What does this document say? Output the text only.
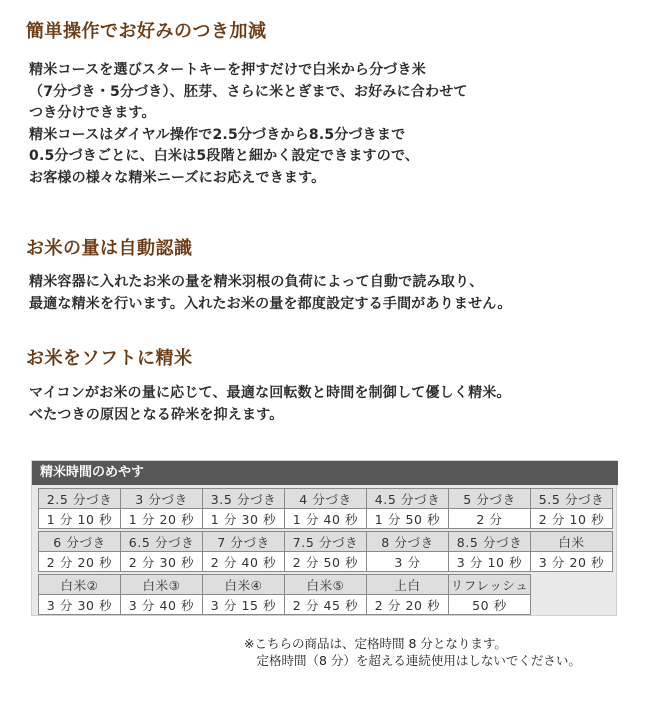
簡単操作でお好みのつき加減
精米コースを選びスタートキーを押すだけで白米から分づき米
（7分づき・5分づき）、胚芽、さらに米とぎまで、お好みに合わせて
つき分けできます。
精米コースはダイヤル操作で2.5分づきから8.5分づきまで
0.5分づきごとに、白米は5段階と細かく設定できますので、
お客様の様々な精米ニーズにお応えできます。
お米の量は自動認識
精米容器に入れたお米の量を精米羽根の負荷によって自動で読み取り、
最適な精米を行います。入れたお米の量を都度設定する手間がありません。
お米をソフトに精米
マイコンがお米の量に応じて、最適な回転数と時間を制御して優しく精米。
べたつきの原因となる砕米を抑えます。
精米時間のめやす
2.5 分づき	3 分づき	3.5 分づき	4 分づき	4.5 分づき	5 分づき	5.5 分づき
1 分 10 秒	1 分 20 秒	1 分 30 秒	1 分 40 秒	1 分 50 秒	2 分	2 分 10 秒
6 分づき	6.5 分づき	7 分づき	7.5 分づき	8 分づき	8.5 分づき	白米
2 分 20 秒	2 分 30 秒	2 分 40 秒	2 分 50 秒	3 分	3 分 10 秒	3 分 20 秒
白米②	白米③	白米④	白米⑤	上白	リフレッシュ
3 分 30 秒	3 分 40 秒	3 分 15 秒	2 分 45 秒	2 分 20 秒	50 秒
※こちらの商品は、定格時間 8 分となります。
　定格時間（8 分）を超える連続使用はしないでください。
